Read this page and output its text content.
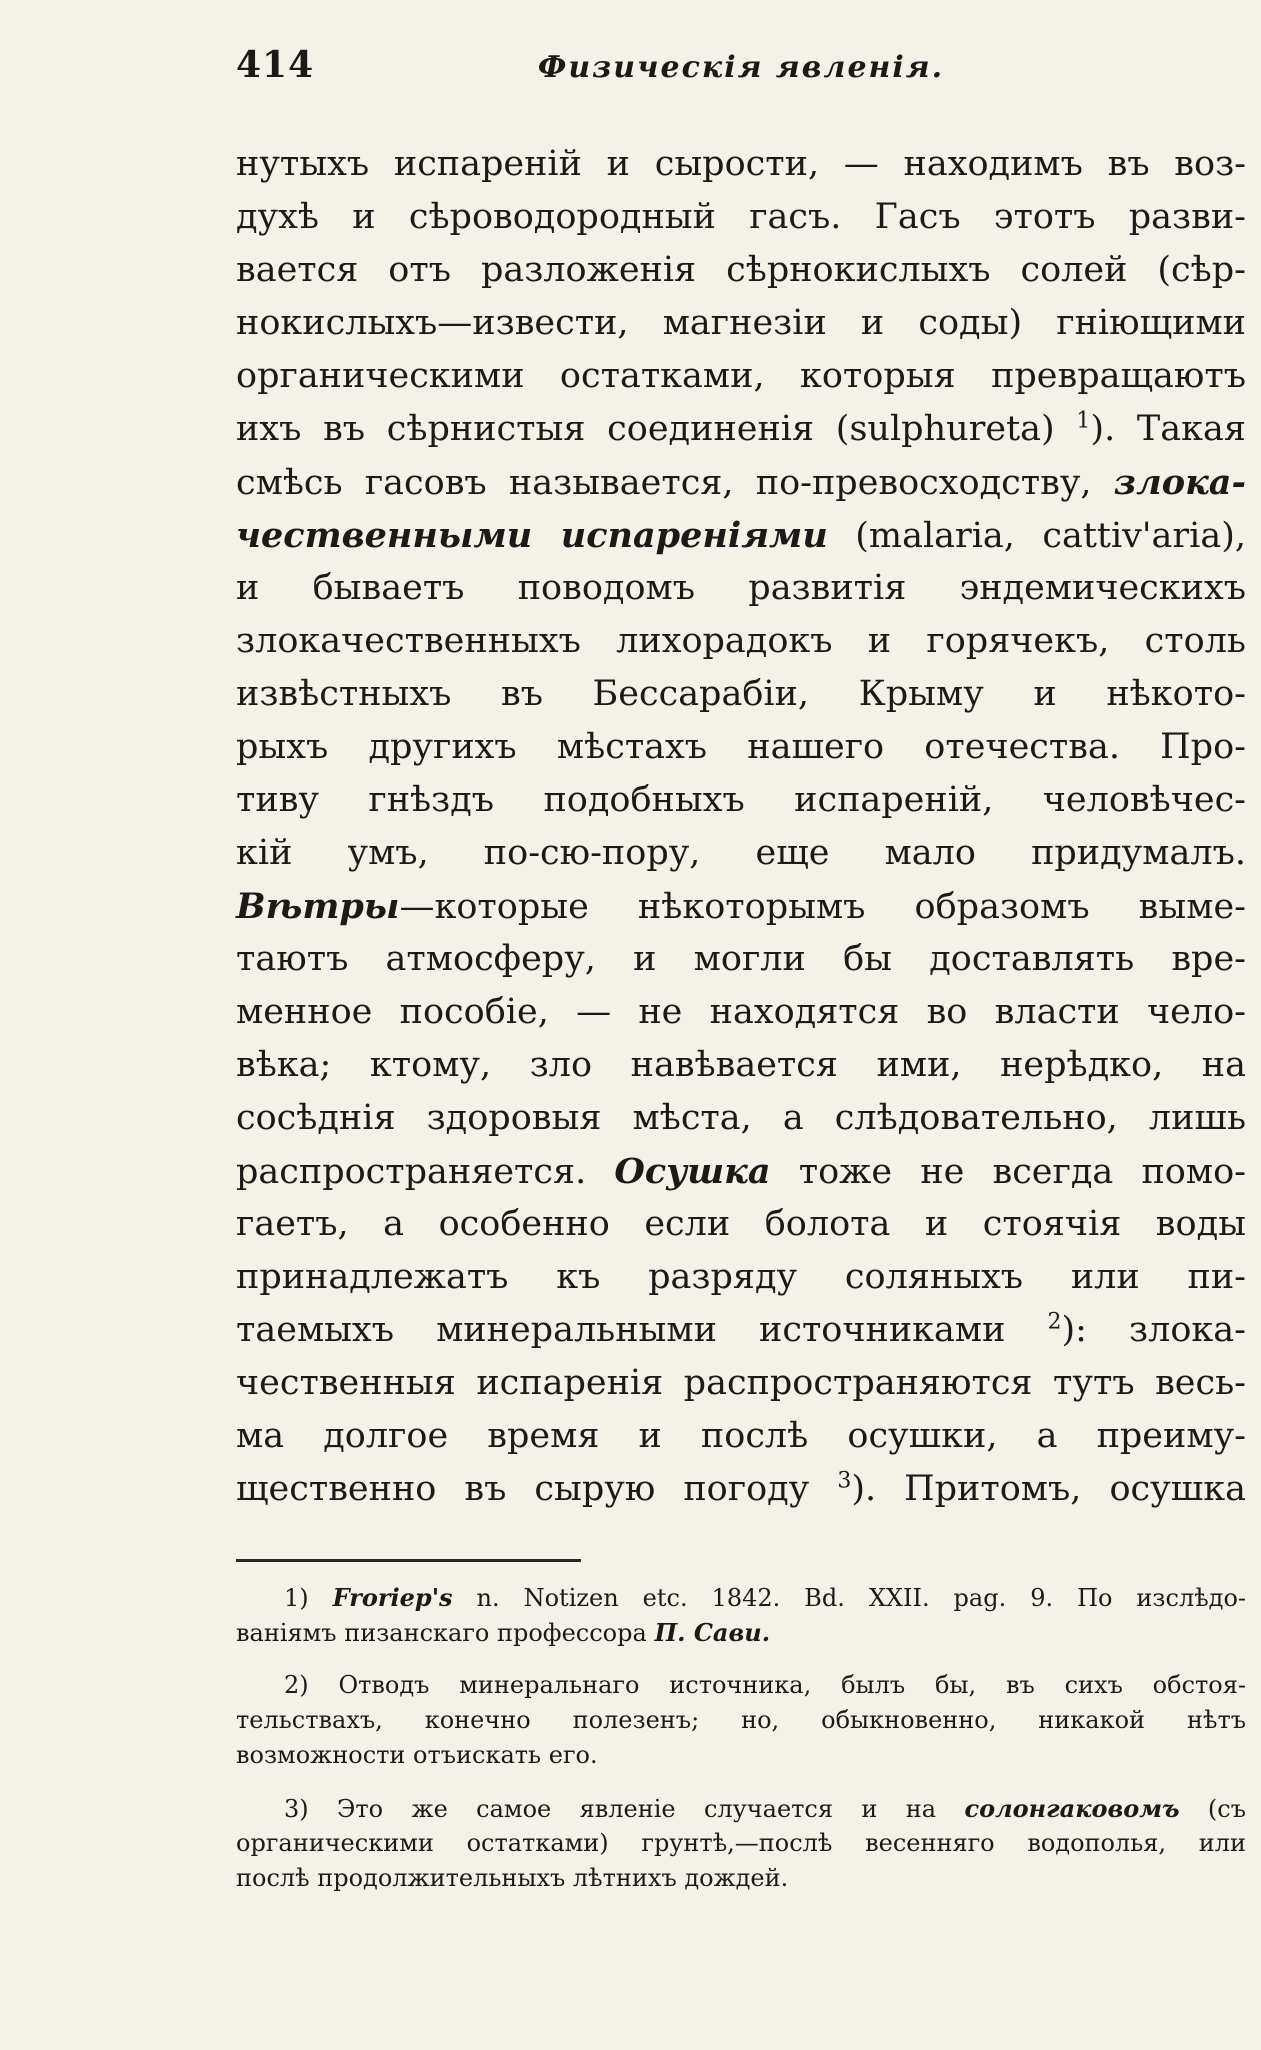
414	Физическія явленія.
нутыхъ испареній и сырости, — находимъ въ воз-
духѣ и сѣроводородный гасъ. Гасъ этотъ разви-
вается отъ разложенія сѣрнокислыхъ солей (сѣр-
нокислыхъ—извести, магнезіи и соды) гніющими
органическими остатками, которыя превращаютъ
ихъ въ сѣрнистыя соединенія (sulphureta) $^1$). Такая
смѣсь гасовъ называется, по-превосходству, злока-
чественными испареніями (malaria, cattiv'aria),
и бываетъ поводомъ развитія эндемическихъ
злокачественныхъ лихорадокъ и горячекъ, столь
извѣстныхъ въ Бессарабіи, Крыму и нѣкото-
рыхъ другихъ мѣстахъ нашего отечества. Про-
тиву гнѣздъ подобныхъ испареній, человѣчес-
кій умъ, по-сю-пору, еще мало придумалъ.
Вѣтры—которые нѣкоторымъ образомъ выме-
таютъ атмосферу, и могли бы доставлять вре-
менное пособіе, — не находятся во власти чело-
вѣка; ктому, зло навѣвается ими, нерѣдко, на
сосѣднія здоровыя мѣста, а слѣдовательно, лишь
распространяется. Осушка тоже не всегда помо-
гаетъ, а особенно если болота и стоячія воды
принадлежатъ къ разряду соляныхъ или пи-
таемыхъ минеральными источниками $^2$): злока-
чественныя испаренія распространяются тутъ весь-
ма долгое время и послѣ осушки, а преиму-
щественно въ сырую погоду $^3$). Притомъ, осушка
1) Froriep's n. Notizen etc. 1842. Bd. XXII. pag. 9. По изслѣдо-
ваніямъ пизанскаго профессора П. Сави.
2) Отводъ минеральнаго источника, былъ бы, въ сихъ обстоя-
тельствахъ, конечно полезенъ; но, обыкновенно, никакой нѣтъ
возможности отъискать его.
3) Это же самое явленіе случается и на солонгаковомъ (съ
органическими остатками) грунтѣ,—послѣ весенняго водополья, или
послѣ продолжительныхъ лѣтнихъ дождей.
